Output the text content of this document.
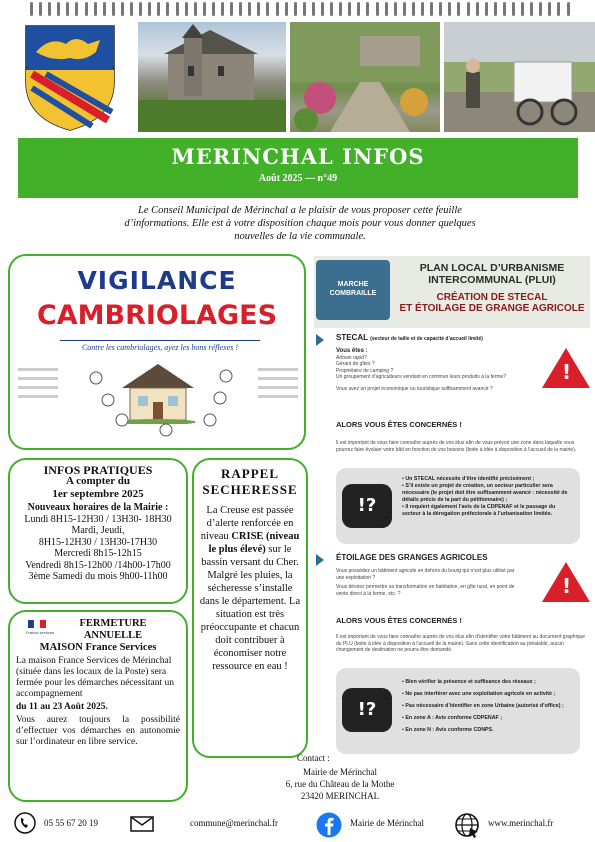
MERINCHAL INFOS
Août 2025 — n°49
Le Conseil Municipal de Mérinchal a le plaisir de vous proposer cette feuille
d’informations. Elle est à votre disposition chaque mois pour vous donner quelques
nouvelles de la vie communale.
VIGILANCE
CAMBRIOLAGES
Contre les cambriolages, ayez les bons réflexes !
INFOS PRATIQUES
A compter du
1er septembre 2025
Nouveaux horaires de la Mairie :
Lundi 8H15-12H30 / 13H30- 18H30
Mardi, Jeudi,
8H15-12H30 / 13H30-17H30
Mercredi 8h15-12h15
Vendredi 8h15-12h00 /14h00-17h00
3ème Samedi du mois 9h00-11h00
RAPPEL
SECHERESSE
La Creuse est passée d’alerte renforcée en niveau CRISE (niveau le plus élevé) sur le bassin versant du Cher. Malgré les pluies, la sécheresse s’installe dans le département. La situation est très préoccupante et chacun doit contribuer à économiser notre ressource en eau !
France services
FERMETURE
ANNUELLE
MAISON France Services
La maison France Services de Mérinchal (située dans les locaux de la Poste) sera fermée pour les démarches nécessitant un accompagnement
du 11 au 23 Août 2025.
Vous aurez toujours la possibilité d’effectuer vos démarches en autonomie sur l’ordinateur en libre service.
MARCHE COMBRAILLE
PLAN LOCAL D’URBANISME
INTERCOMMUNAL (PLUI)
CRÉATION DE STECAL
ET ÉTOILAGE DE GRANGE AGRICOLE
STECAL (secteur de taille et de capacité d’accueil limité)
Vous êtes :
Artisan rapid?
Gérant de gîtes ?
Propriétaire de camping ?
Un groupement d’agriculteurs vendant en commun leurs produits à la ferme?
Vous avez un projet économique ou touristique suffisamment avancé ?
!
ALORS VOUS ÊTES CONCERNÉS !
Il est important de vous faire connaître auprès de vos élus afin de vous prévoir une zone dans laquelle vous pourrez faire évoluer votre bâti en fonction de vos besoins (boite à idée à disposition à l’accueil de la mairie).
!?
▪ Un STECAL nécessite d’être identifié précisément ;
▪ S’il existe un projet de création, un secteur particulier sera nécessaire (le projet doit être suffisamment avancé : nécessité de détails précis de la part du pétitionnaire) ;
▪ Il requiert également l’avis de la CDPENAF et le passage du secteur à la dérogation préfectorale à l’urbanisation limitée.
ÉTOILAGE DES GRANGES AGRICOLES
Vous possédez un bâtiment agricole en dehors du bourg qui n’est plus utilisé par une exploitation ?
Vous désirez permettre sa transformation en habitation, en gîte rural, en point de vente direct à la ferme, etc. ?	!
ALORS VOUS ÊTES CONCERNÉS !
Il est important de vous faire connaître auprès de vos élus afin d’identifier votre bâtiment au document graphique du PLU (boite à idée à disposition à l’accueil de la mairie). Sans cette identification au préalable, aucun changement de destination ne pourra être demandé.
!?
▪ Bien vérifier la présence et suffisance des réseaux ;
▪ Ne pas interférer avec une exploitation agricole en activité ;
▪ Pas nécessaire d’identifier en zone Urbaine (autorisé d’office) ;
▪ En zone A : Avis conforme CDPENAF ;
▪ En zone N : Avis conforme CDNPS.
Contact :
Mairie de Mérinchal
6, rue du Château de la Mothe
23420 MERINCHAL
05 55 67 20 19	commune@merinchal.fr	Mairie de Mérinchal	www.merinchal.fr
